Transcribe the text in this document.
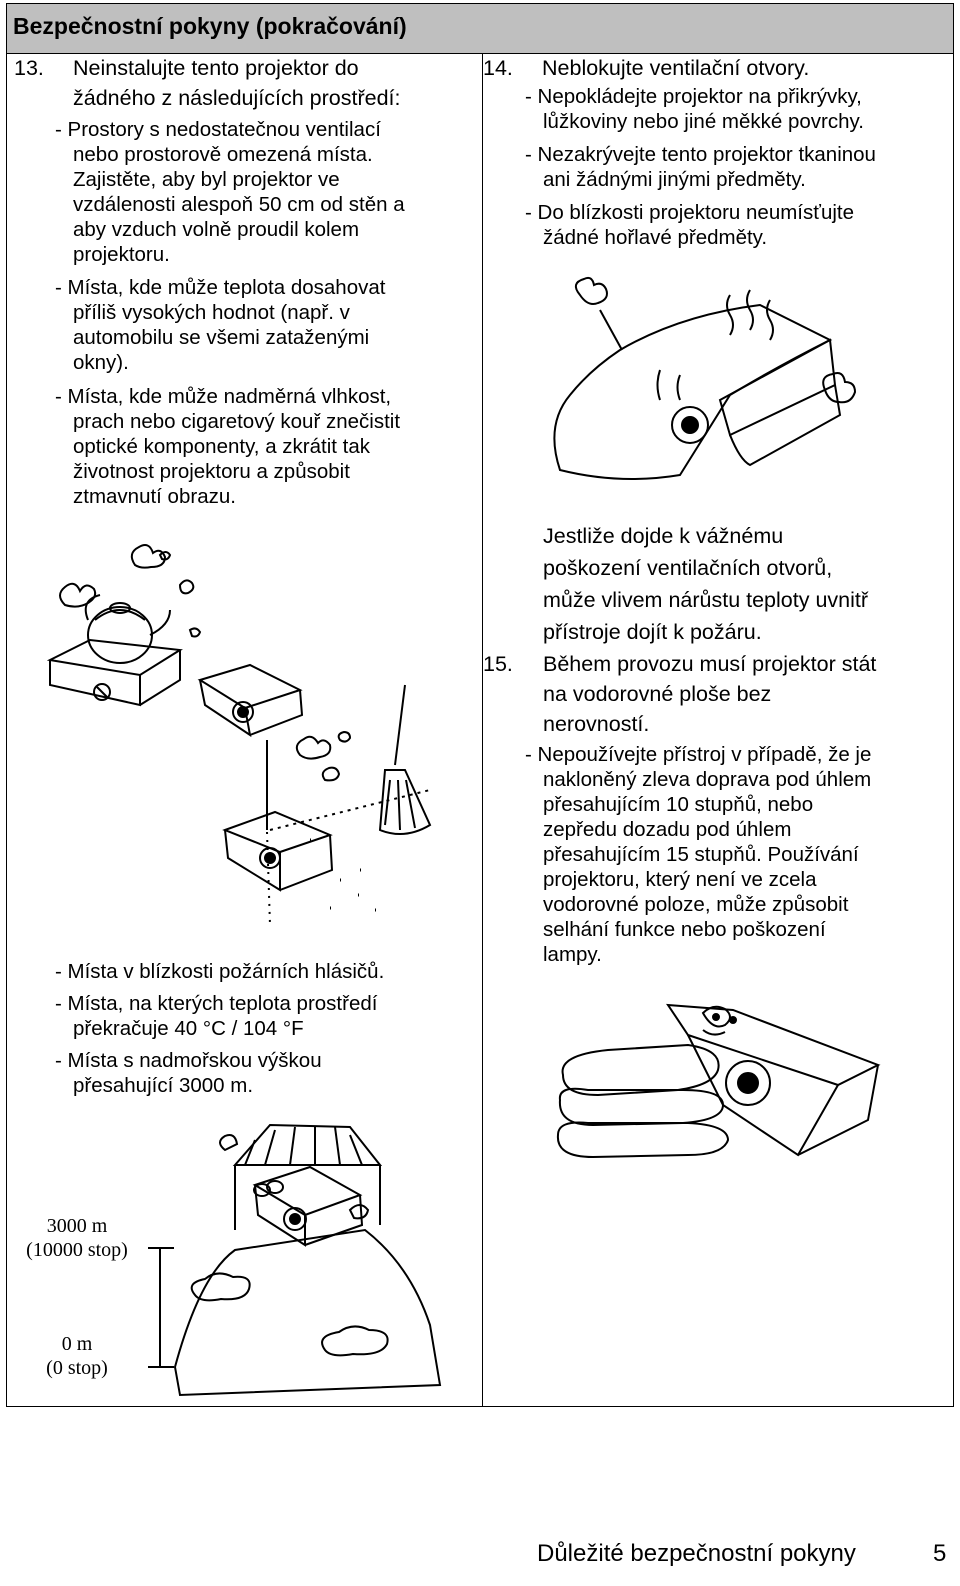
Bezpečnostní pokyny (pokračování)
13. Neinstalujte tento projektor do
žádného z následujících prostředí:
- Prostory s nedostatečnou ventilací
nebo prostorově omezená místa.
Zajistěte, aby byl projektor ve
vzdálenosti alespoň 50 cm od stěn a
aby vzduch volně proudil kolem
projektoru.
- Místa, kde může teplota dosahovat
příliš vysokých hodnot (např. v
automobilu se všemi zataženými
okny).
- Místa, kde může nadměrná vlhkost,
prach nebo cigaretový kouř znečistit
optické komponenty, a zkrátit tak
životnost projektoru a způsobit
ztmavnutí obrazu.
- Místa v blízkosti požárních hlásičů.
- Místa, na kterých teplota prostředí
překračuje 40 °C / 104 °F
- Místa s nadmořskou výškou
přesahující 3000 m.
3000 m
(10000 stop)
0 m
(0 stop)
14. Neblokujte ventilační otvory.
- Nepokládejte projektor na přikrývky,
lůžkoviny nebo jiné měkké povrchy.
- Nezakrývejte tento projektor tkaninou
ani žádnými jinými předměty.
- Do blízkosti projektoru neumísťujte
žádné hořlavé předměty.
Jestliže dojde k vážnému
poškození ventilačních otvorů,
může vlivem nárůstu teploty uvnitř
přístroje dojít k požáru.
15. Během provozu musí projektor stát
na vodorovné ploše bez
nerovností.
- Nepoužívejte přístroj v případě, že je
nakloněný zleva doprava pod úhlem
přesahujícím 10 stupňů, nebo
zepředu dozadu pod úhlem
přesahujícím 15 stupňů. Používání
projektoru, který není ve zcela
vodorovné poloze, může způsobit
selhání funkce nebo poškození
lampy.
Důležité bezpečnostní pokyny	5
